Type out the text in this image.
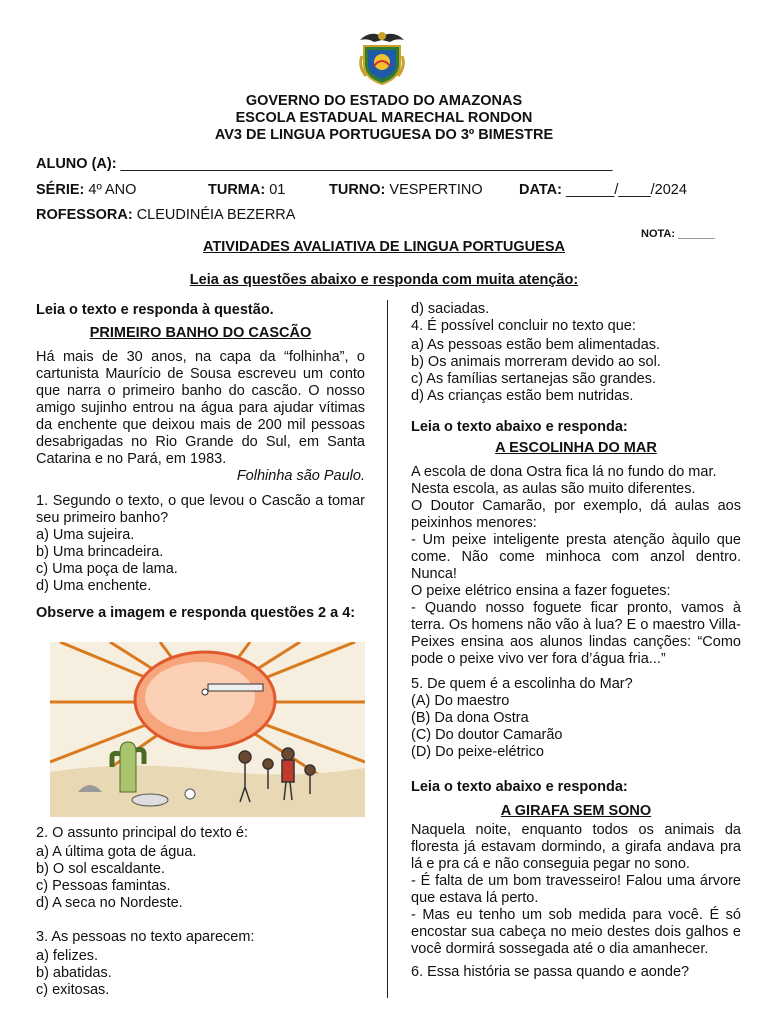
GOVERNO DO ESTADO DO AMAZONAS
ESCOLA ESTADUAL MARECHAL RONDON
AV3 DE LINGUA PORTUGUESA DO 3º BIMESTRE
ALUNO (A): _____________________________________________________________
SÉRIE: 4º ANO	TURMA: 01	TURNO: VESPERTINO	DATA: ______/____/2024
ROFESSORA: CLEUDINÉIA BEZERRA
NOTA: ______
ATIVIDADES AVALIATIVA DE LINGUA PORTUGUESA
Leia as questões abaixo e responda com muita atenção:
Leia o texto e responda à questão.
PRIMEIRO BANHO DO CASCÃO
Há mais de 30 anos, na capa da “folhinha”, o cartunista Maurício de Sousa escreveu um conto que narra o primeiro banho do cascão. O nosso amigo sujinho entrou na água para ajudar vítimas da enchente que deixou mais de 200 mil pessoas desabrigadas no Rio Grande do Sul, em Santa Catarina e no Pará, em 1983.
Folhinha são Paulo.
1. Segundo o texto, o que levou o Cascão a tomar seu primeiro banho?
a) Uma sujeira.
b) Uma brincadeira.
c) Uma poça de lama.
d) Uma enchente.
Observe a imagem e responda questões 2 a 4:
2. O assunto principal do texto é:
a) A última gota de água.
b) O sol escaldante.
c) Pessoas famintas.
d) A seca no Nordeste.
3. As pessoas no texto aparecem:
a) felizes.
b) abatidas.
c) exitosas.
d) saciadas.
4. É possível concluir no texto que:
a) As pessoas estão bem alimentadas.
b) Os animais morreram devido ao sol.
c) As famílias sertanejas são grandes.
d) As crianças estão bem nutridas.
Leia o texto abaixo e responda:
A ESCOLINHA DO MAR
A escola de dona Ostra fica lá no fundo do mar. Nesta escola, as aulas são muito diferentes.
O Doutor Camarão, por exemplo, dá aulas aos peixinhos menores:
- Um peixe inteligente presta atenção àquilo que come. Não come minhoca com anzol dentro. Nunca!
O peixe elétrico ensina a fazer foguetes:
- Quando nosso foguete ficar pronto, vamos à terra. Os homens não vão à lua? E o maestro Villa-Peixes ensina aos alunos lindas canções: “Como pode o peixe vivo ver fora d’água fria...”
5. De quem é a escolinha do Mar?
(A) Do maestro
(B) Da dona Ostra
(C) Do doutor Camarão
(D) Do peixe-elétrico
Leia o texto abaixo e responda:
A GIRAFA SEM SONO
Naquela noite, enquanto todos os animais da floresta já estavam dormindo, a girafa andava pra lá e pra cá e não conseguia pegar no sono.
- É falta de um bom travesseiro! Falou uma árvore que estava lá perto.
- Mas eu tenho um sob medida para você. É só encostar sua cabeça no meio destes dois galhos e você dormirá sossegada até o dia amanhecer.
6. Essa história se passa quando e aonde?
